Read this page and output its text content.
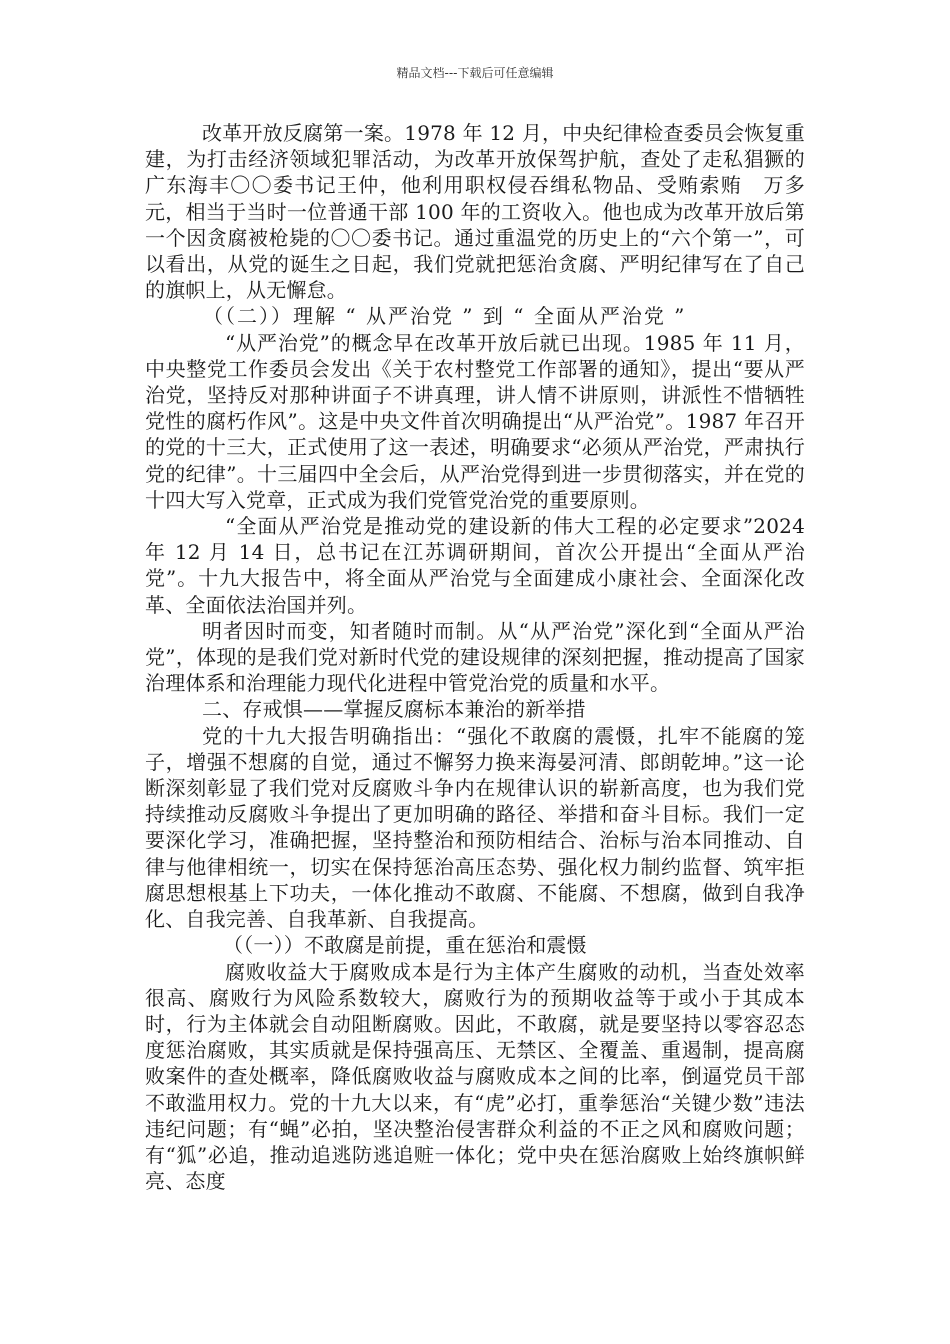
精品文档---下载后可任意编辑

改革开放反腐第一案。1978 年 12 月，中央纪律检查委员会恢复重建，为打击经济领域犯罪活动，为改革开放保驾护航，查处了走私猖獗的广东海丰〇〇委书记王仲，他利用职权侵吞缉私物品、受贿索贿　万多元，相当于当时一位普通干部 100 年的工资收入。他也成为改革开放后第一个因贪腐被枪毙的〇〇委书记。通过重温党的历史上的“六个第一”，可以看出，从党的诞生之日起，我们党就把惩治贪腐、严明纪律写在了自己的旗帜上，从无懈怠。

（（二））理解 “ 从严治党 ” 到 “ 全面从严治党 ”

“从严治党”的概念早在改革开放后就已出现。1985 年 11 月，中央整党工作委员会发出《关于农村整党工作部署的通知》，提出“要从严治党，坚持反对那种讲面子不讲真理，讲人情不讲原则，讲派性不惜牺牲党性的腐朽作风”。这是中央文件首次明确提出“从严治党”。1987 年召开的党的十三大，正式使用了这一表述，明确要求“必须从严治党，严肃执行党的纪律”。十三届四中全会后，从严治党得到进一步贯彻落实，并在党的十四大写入党章，正式成为我们党管党治党的重要原则。

“全面从严治党是推动党的建设新的伟大工程的必定要求”2024 年 12 月 14 日，总书记在江苏调研期间，首次公开提出“全面从严治党”。十九大报告中，将全面从严治党与全面建成小康社会、全面深化改革、全面依法治国并列。

明者因时而变，知者随时而制。从“从严治党”深化到“全面从严治党”，体现的是我们党对新时代党的建设规律的深刻把握，推动提高了国家治理体系和治理能力现代化进程中管党治党的质量和水平。

二、存戒惧——掌握反腐标本兼治的新举措

党的十九大报告明确指出：“强化不敢腐的震慑，扎牢不能腐的笼子，增强不想腐的自觉，通过不懈努力换来海晏河清、郎朗乾坤。”这一论断深刻彰显了我们党对反腐败斗争内在规律认识的崭新高度，也为我们党持续推动反腐败斗争提出了更加明确的路径、举措和奋斗目标。我们一定要深化学习，准确把握，坚持整治和预防相结合、治标与治本同推动、自律与他律相统一，切实在保持惩治高压态势、强化权力制约监督、筑牢拒腐思想根基上下功夫，一体化推动不敢腐、不能腐、不想腐，做到自我净化、自我完善、自我革新、自我提高。

（（一））不敢腐是前提，重在惩治和震慑

腐败收益大于腐败成本是行为主体产生腐败的动机，当查处效率很高、腐败行为风险系数较大，腐败行为的预期收益等于或小于其成本时，行为主体就会自动阻断腐败。因此，不敢腐，就是要坚持以零容忍态度惩治腐败，其实质就是保持强高压、无禁区、全覆盖、重遏制，提高腐败案件的查处概率，降低腐败收益与腐败成本之间的比率，倒逼党员干部不敢滥用权力。党的十九大以来，有“虎”必打，重拳惩治“关键少数”违法违纪问题；有“蝇”必拍，坚决整治侵害群众利益的不正之风和腐败问题；有“狐”必追，推动追逃防逃追赃一体化；党中央在惩治腐败上始终旗帜鲜亮、态度
